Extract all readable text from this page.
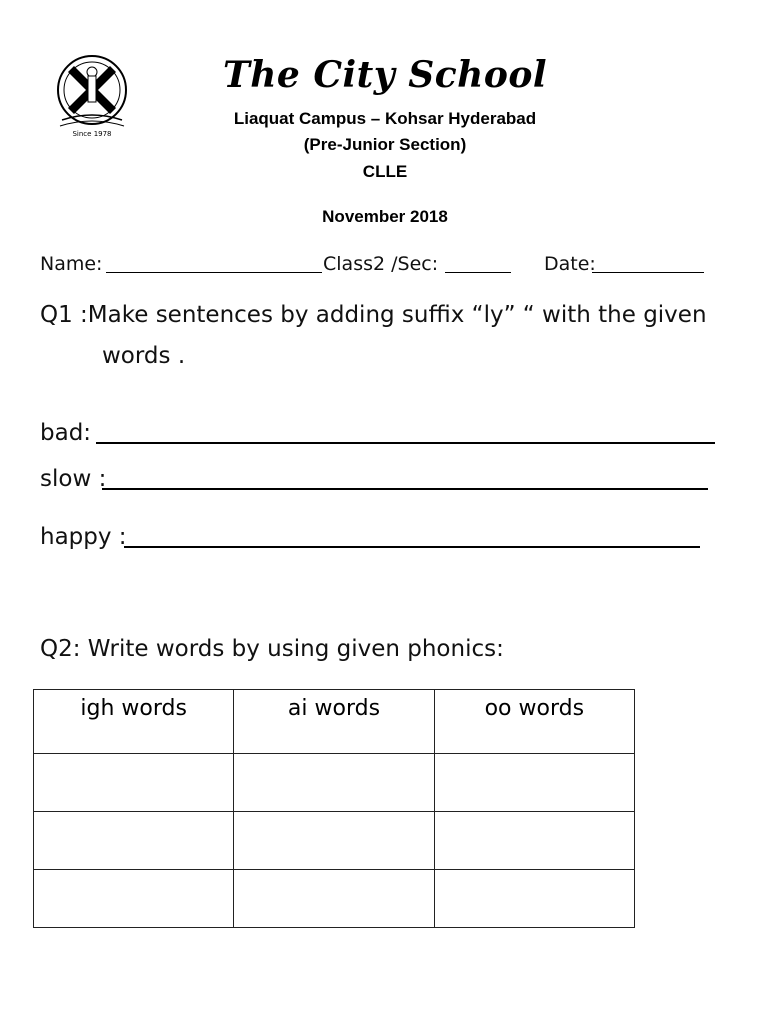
Since 1978
The City School
Liaquat Campus – Kohsar Hyderabad
(Pre-Junior Section)
CLLE
November 2018
Name:	Class2 /Sec:	Date:
Q1 :Make sentences by adding suffix “ly” “ with the given
words .
bad:
slow :
happy :
Q2: Write words by using given phonics:
igh words	ai words	oo words
